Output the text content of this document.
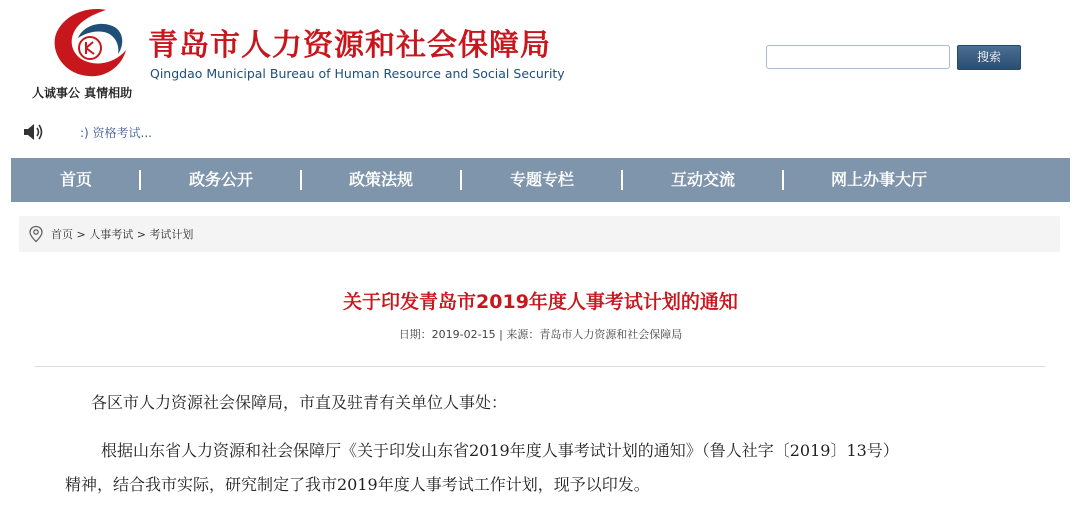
人诚事公 真情相助
青岛市人力资源和社会保障局
Qingdao Municipal Bureau of Human Resource and Social Security
搜索
:) 资格考试...
首页	政务公开	政策法规	专题专栏	互动交流	网上办事大厅
首页 > 人事考试 > 考试计划
关于印发青岛市2019年度人事考试计划的通知
日期：2019-02-15 | 来源：青岛市人力资源和社会保障局
各区市人力资源社会保障局，市直及驻青有关单位人事处：
根据山东省人力资源和社会保障厅《关于印发山东省2019年度人事考试计划的通知》（鲁人社字〔2019〕13号）
精神，结合我市实际，研究制定了我市2019年度人事考试工作计划，现予以印发。
